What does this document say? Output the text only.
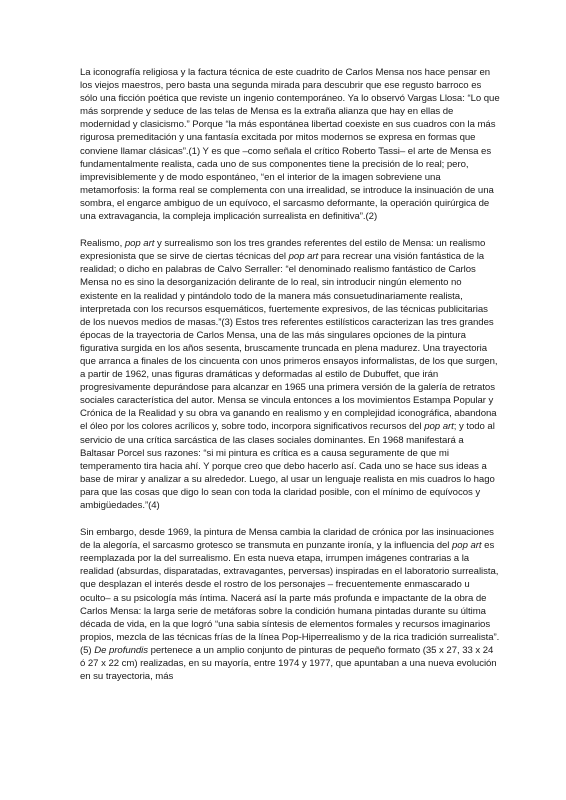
La iconografía religiosa y la factura técnica de este cuadrito de Carlos Mensa nos hace pensar en los viejos maestros, pero basta una segunda mirada para descubrir que ese regusto barroco es sólo una ficción poética que reviste un ingenio contemporáneo. Ya lo observó Vargas Llosa: “Lo que más sorprende y seduce de las telas de Mensa es la extraña alianza que hay en ellas de modernidad y clasicismo.” Porque “la más espontánea libertad coexiste en sus cuadros con la más rigurosa premeditación y una fantasía excitada por mitos modernos se expresa en formas que conviene llamar clásicas”.(1) Y es que –como señala el crítico Roberto Tassi– el arte de Mensa es fundamentalmente realista, cada uno de sus componentes tiene la precisión de lo real; pero, imprevisiblemente y de modo espontáneo, “en el interior de la imagen sobreviene una metamorfosis: la forma real se complementa con una irrealidad, se introduce la insinuación de una sombra, el engarce ambiguo de un equívoco, el sarcasmo deformante, la operación quirúrgica de una extravagancia, la compleja implicación surrealista en definitiva”.(2)

Realismo, pop art y surrealismo son los tres grandes referentes del estilo de Mensa: un realismo expresionista que se sirve de ciertas técnicas del pop art para recrear una visión fantástica de la realidad; o dicho en palabras de Calvo Serraller: “el denominado realismo fantástico de Carlos Mensa no es sino la desorganización delirante de lo real, sin introducir ningún elemento no existente en la realidad y pintándolo todo de la manera más consuetudinariamente realista, interpretada con los recursos esquemáticos, fuertemente expresivos, de las técnicas publicitarias de los nuevos medios de masas.”(3) Estos tres referentes estilísticos caracterizan las tres grandes épocas de la trayectoria de Carlos Mensa, una de las más singulares opciones de la pintura figurativa surgida en los años sesenta, bruscamente truncada en plena madurez. Una trayectoria que arranca a finales de los cincuenta con unos primeros ensayos informalistas, de los que surgen, a partir de 1962, unas figuras dramáticas y deformadas al estilo de Dubuffet, que irán progresivamente depurándose para alcanzar en 1965 una primera versión de la galería de retratos sociales característica del autor. Mensa se vincula entonces a los movimientos Estampa Popular y Crónica de la Realidad y su obra va ganando en realismo y en complejidad iconográfica, abandona el óleo por los colores acrílicos y, sobre todo, incorpora significativos recursos del pop art; y todo al servicio de una crítica sarcástica de las clases sociales dominantes. En 1968 manifestará a Baltasar Porcel sus razones: “si mi pintura es crítica es a causa seguramente de que mi temperamento tira hacia ahí. Y porque creo que debo hacerlo así. Cada uno se hace sus ideas a base de mirar y analizar a su alrededor. Luego, al usar un lenguaje realista en mis cuadros lo hago para que las cosas que digo lo sean con toda la claridad posible, con el mínimo de equívocos y ambigüedades.”(4)

Sin embargo, desde 1969, la pintura de Mensa cambia la claridad de crónica por las insinuaciones de la alegoría, el sarcasmo grotesco se transmuta en punzante ironía, y la influencia del pop art es reemplazada por la del surrealismo. En esta nueva etapa, irrumpen imágenes contrarias a la realidad (absurdas, disparatadas, extravagantes, perversas) inspiradas en el laboratorio surrealista, que desplazan el interés desde el rostro de los personajes – frecuentemente enmascarado u oculto– a su psicología más íntima. Nacerá así la parte más profunda e impactante de la obra de Carlos Mensa: la larga serie de metáforas sobre la condición humana pintadas durante su última década de vida, en la que logró “una sabia síntesis de elementos formales y recursos imaginarios propios, mezcla de las técnicas frías de la línea Pop-Hiperrealismo y de la rica tradición surrealista”.(5) De profundis pertenece a un amplio conjunto de pinturas de pequeño formato (35 x 27, 33 x 24 ó 27 x 22 cm) realizadas, en su mayoría, entre 1974 y 1977, que apuntaban a una nueva evolución en su trayectoria, más
